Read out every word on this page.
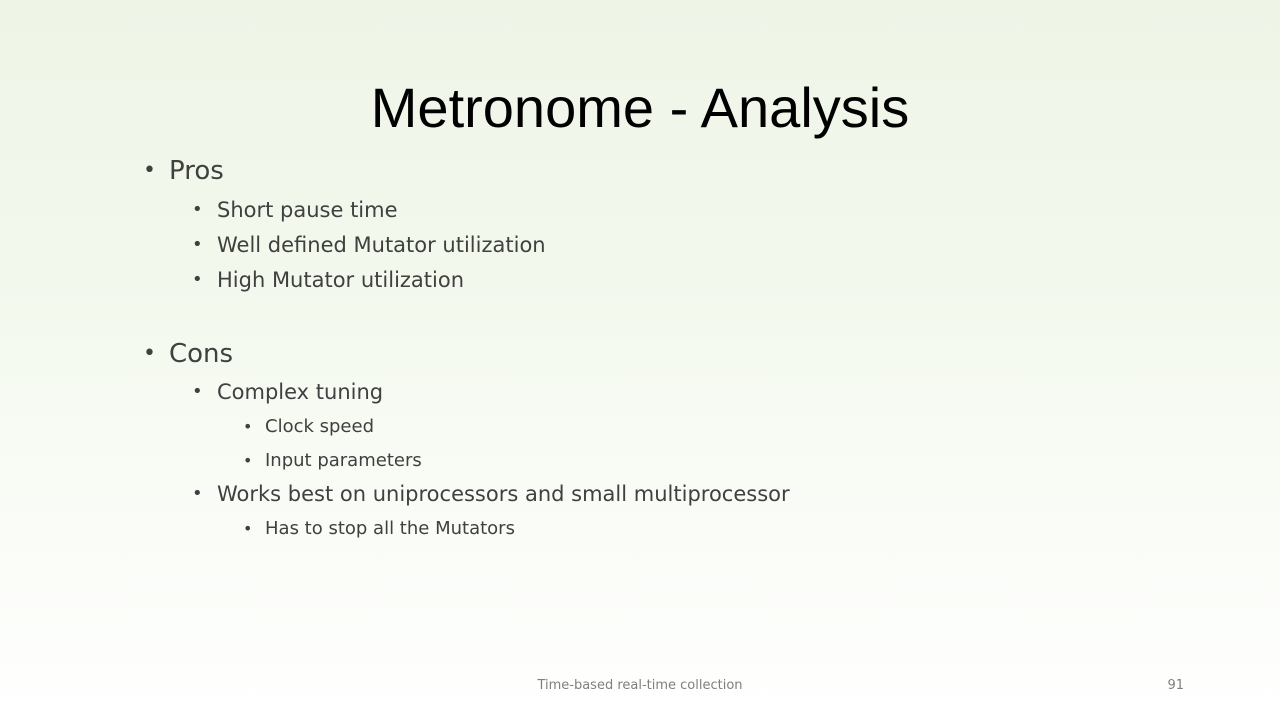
Metronome - Analysis
• Pros
• Short pause time
• Well defined Mutator utilization
• High Mutator utilization
• Cons
• Complex tuning
• Clock speed
• Input parameters
• Works best on uniprocessors and small multiprocessor
• Has to stop all the Mutators
Time-based real-time collection	91
